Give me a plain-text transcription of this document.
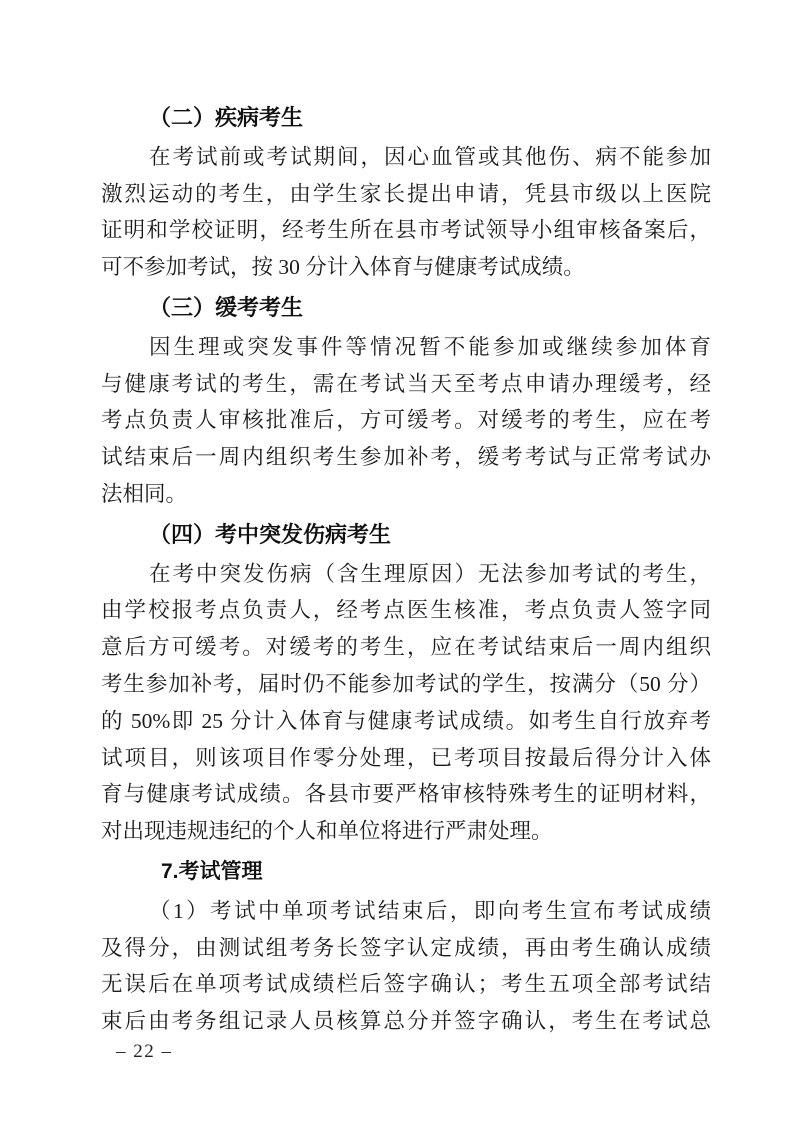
（二）疾病考生
在考试前或考试期间，因心血管或其他伤、病不能参加
激烈运动的考生，由学生家长提出申请，凭县市级以上医院
证明和学校证明，经考生所在县市考试领导小组审核备案后，
可不参加考试，按 30 分计入体育与健康考试成绩。
（三）缓考考生
因生理或突发事件等情况暂不能参加或继续参加体育
与健康考试的考生，需在考试当天至考点申请办理缓考，经
考点负责人审核批准后，方可缓考。对缓考的考生，应在考
试结束后一周内组织考生参加补考，缓考考试与正常考试办
法相同。
（四）考中突发伤病考生
在考中突发伤病（含生理原因）无法参加考试的考生，
由学校报考点负责人，经考点医生核准，考点负责人签字同
意后方可缓考。对缓考的考生，应在考试结束后一周内组织
考生参加补考，届时仍不能参加考试的学生，按满分（50 分）
的 50%即 25 分计入体育与健康考试成绩。如考生自行放弃考
试项目，则该项目作零分处理，已考项目按最后得分计入体
育与健康考试成绩。各县市要严格审核特殊考生的证明材料，
对出现违规违纪的个人和单位将进行严肃处理。
7.考试管理
（1）考试中单项考试结束后，即向考生宣布考试成绩
及得分，由测试组考务长签字认定成绩，再由考生确认成绩
无误后在单项考试成绩栏后签字确认；考生五项全部考试结
束后由考务组记录人员核算总分并签字确认，考生在考试总
– 22 –
